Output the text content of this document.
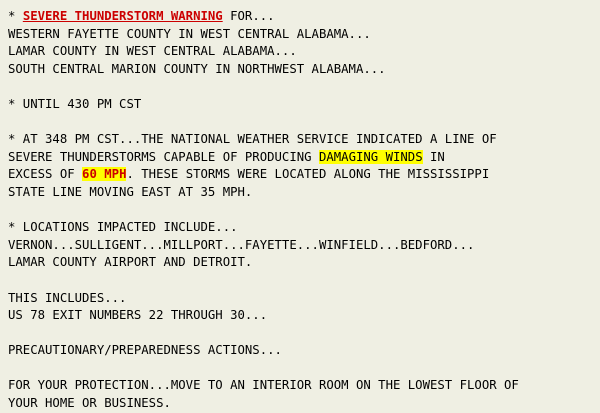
* SEVERE THUNDERSTORM WARNING FOR...
WESTERN FAYETTE COUNTY IN WEST CENTRAL ALABAMA...
LAMAR COUNTY IN WEST CENTRAL ALABAMA...
SOUTH CENTRAL MARION COUNTY IN NORTHWEST ALABAMA...

* UNTIL 430 PM CST

* AT 348 PM CST...THE NATIONAL WEATHER SERVICE INDICATED A LINE OF
SEVERE THUNDERSTORMS CAPABLE OF PRODUCING DAMAGING WINDS IN
EXCESS OF 60 MPH. THESE STORMS WERE LOCATED ALONG THE MISSISSIPPI
STATE LINE MOVING EAST AT 35 MPH.

* LOCATIONS IMPACTED INCLUDE...
VERNON...SULLIGENT...MILLPORT...FAYETTE...WINFIELD...BEDFORD...
LAMAR COUNTY AIRPORT AND DETROIT.

THIS INCLUDES...
US 78 EXIT NUMBERS 22 THROUGH 30...

PRECAUTIONARY/PREPAREDNESS ACTIONS...

FOR YOUR PROTECTION...MOVE TO AN INTERIOR ROOM ON THE LOWEST FLOOR OF
YOUR HOME OR BUSINESS.
